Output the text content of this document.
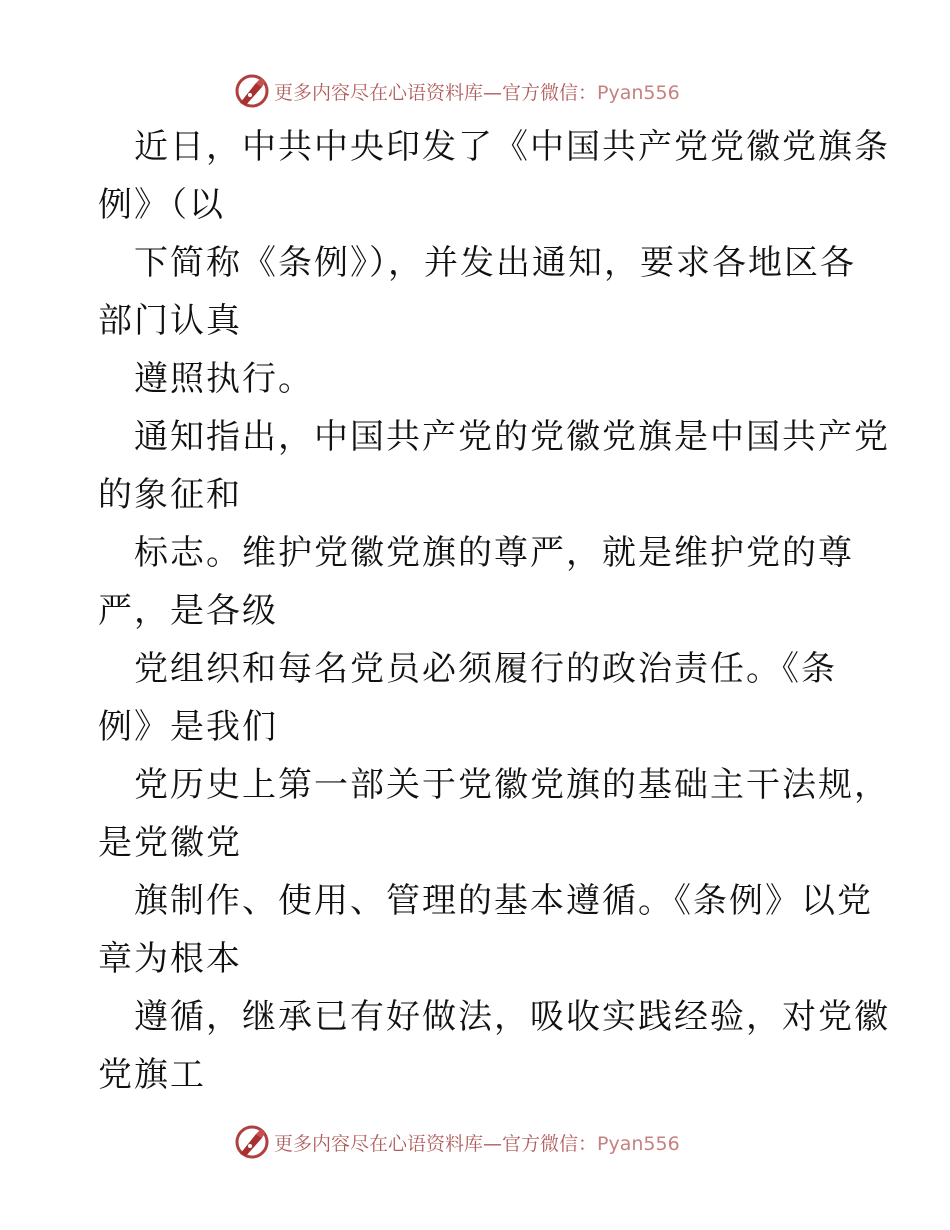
更多内容尽在心语资料库—官方微信：Pyan556
近日，中共中央印发了《中国共产党党徽党旗条
例》（以
下简称《条例》），并发出通知，要求各地区各
部门认真
遵照执行。
通知指出，中国共产党的党徽党旗是中国共产党
的象征和
标志。维护党徽党旗的尊严，就是维护党的尊
严，是各级
党组织和每名党员必须履行的政治责任。《条
例》是我们
党历史上第一部关于党徽党旗的基础主干法规，
是党徽党
旗制作、使用、管理的基本遵循。《条例》以党
章为根本
遵循，继承已有好做法，吸收实践经验，对党徽
党旗工
更多内容尽在心语资料库—官方微信：Pyan556
